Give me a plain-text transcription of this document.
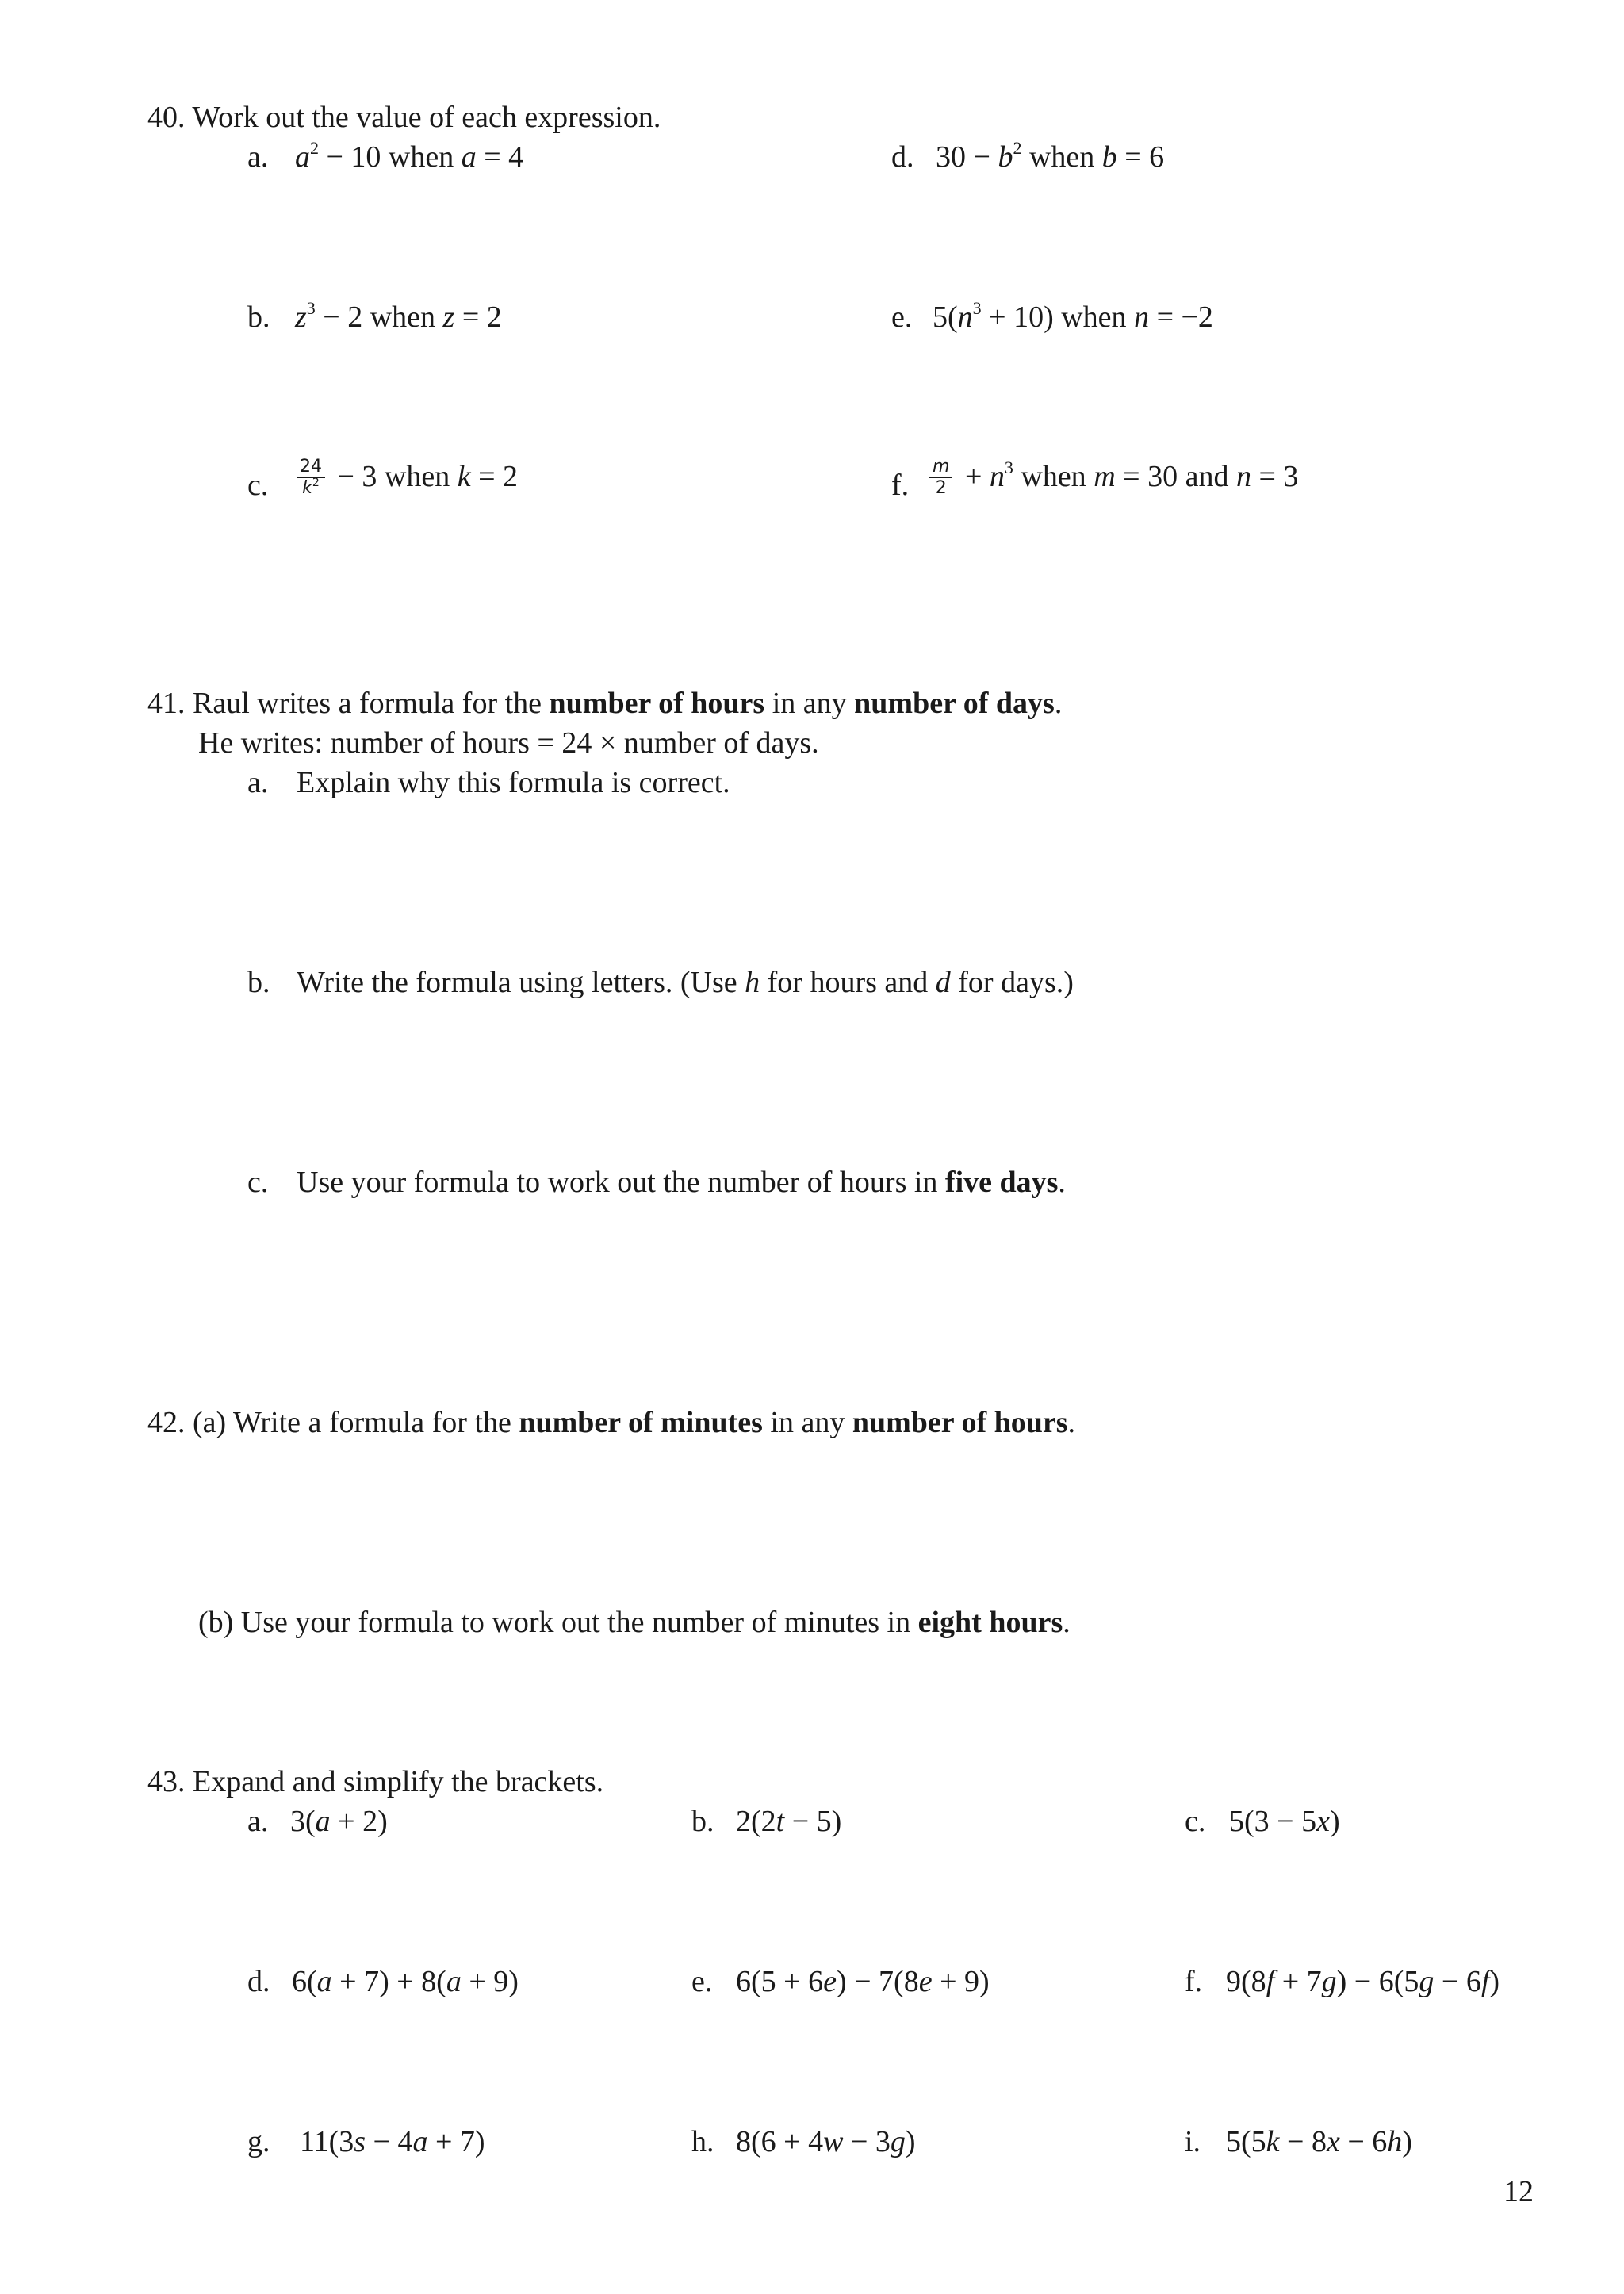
40. Work out the value of each expression.
a. $a^2 - 10$ when a = 4	d. $30 - b^2$ when b = 6
b. $z^3 - 2$ when z = 2	e. $5(n^3 + 10)$ when n = −2
c. $\frac{24}{k^2} - 3$ when k = 2	f. $\frac{m}{2} + n^3$ when m = 30 and n = 3
41. Raul writes a formula for the number of hours in any number of days.
He writes: number of hours = 24 × number of days.
a. Explain why this formula is correct.
b. Write the formula using letters. (Use h for hours and d for days.)
c. Use your formula to work out the number of hours in five days.
42. (a) Write a formula for the number of minutes in any number of hours.
(b) Use your formula to work out the number of minutes in eight hours.
43. Expand and simplify the brackets.
a. 3(a + 2)	b. 2(2t − 5)	c. 5(3 − 5x)
d. 6(a + 7) + 8(a + 9)	e. 6(5 + 6e) − 7(8e + 9)	f. 9(8f + 7g) − 6(5g − 6f)
g. 11(3s − 4a + 7)	h. 8(6 + 4w − 3g)	i. 5(5k − 8x − 6h)
12
